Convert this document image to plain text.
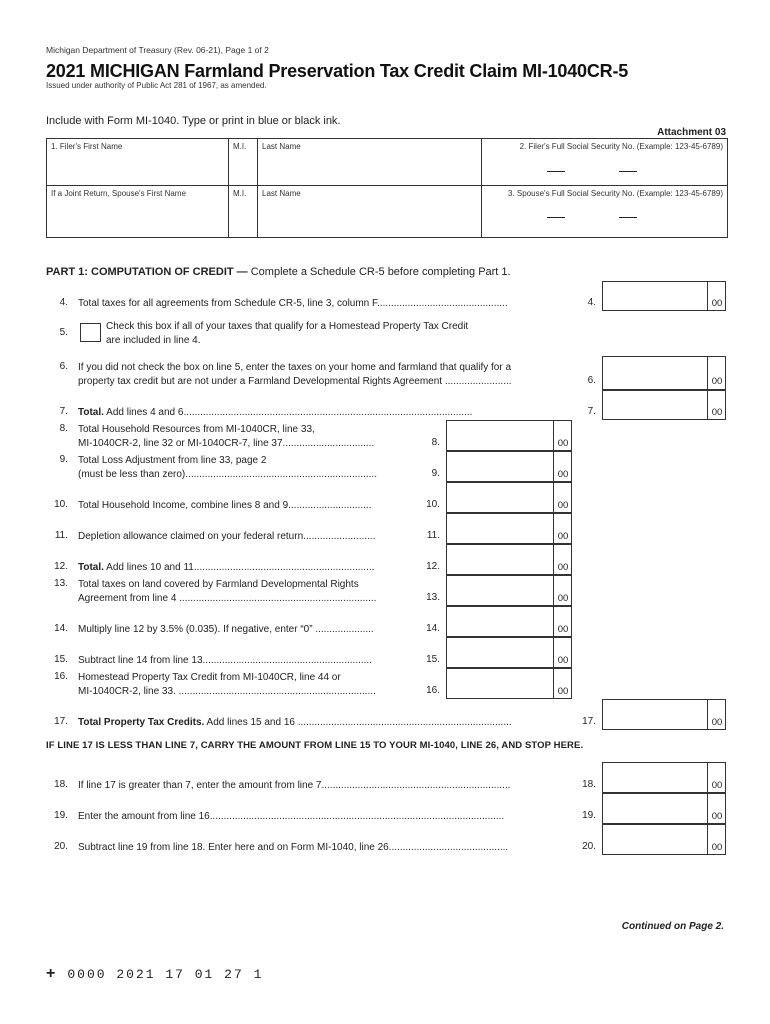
Michigan Department of Treasury (Rev. 06-21), Page 1 of 2
2021 MICHIGAN Farmland Preservation Tax Credit Claim MI-1040CR-5
Issued under authority of Public Act 281 of 1967, as amended.
Include with Form MI-1040. Type or print in blue or black ink.
Attachment 03
1. Filer's First Name	M.I.	Last Name	2. Filer's Full Social Security No. (Example: 123-45-6789)
If a Joint Return, Spouse's First Name	M.I.	Last Name	3. Spouse's Full Social Security No. (Example: 123-45-6789)
PART 1: COMPUTATION OF CREDIT — Complete a Schedule CR-5 before completing Part 1.
4. Total taxes for all agreements from Schedule CR-5, line 3, column F...............................................	4.	00
5.
Check this box if all of your taxes that qualify for a Homestead Property Tax Credit
are included in line 4.
6. If you did not check the box on line 5, enter the taxes on your home and farmland that qualify for a
property tax credit but are not under a Farmland Developmental Rights Agreement ........................	6.	00
7. Total. Add lines 4 and 6........................................................................................................	7.	00
8. Total Household Resources from MI-1040CR, line 33,
MI-1040CR-2, line 32 or MI-1040CR-7, line 37.................................	8.	00
9. Total Loss Adjustment from line 33, page 2
(must be less than zero).....................................................................	9.	00
10. Total Household Income, combine lines 8 and 9..............................	10.	00
11. Depletion allowance claimed on your federal return..........................	11.	00
12. Total. Add lines 10 and 11.................................................................	12.	00
13. Total taxes on land covered by Farmland Developmental Rights
Agreement from line 4 .......................................................................	13.	00
14. Multiply line 12 by 3.5% (0.035). If negative, enter “0” .....................	14.	00
15. Subtract line 14 from line 13.............................................................	15.	00
16. Homestead Property Tax Credit from MI-1040CR, line 44 or
MI-1040CR-2, line 33. .......................................................................	16.	00
17. Total Property Tax Credits. Add lines 15 and 16 .............................................................................	17.	00
IF LINE 17 IS LESS THAN LINE 7, CARRY THE AMOUNT FROM LINE 15 TO YOUR MI-1040, LINE 26, AND STOP HERE.
18. If line 17 is greater than 7, enter the amount from line 7....................................................................	18.	00
19. Enter the amount from line 16..........................................................................................................	19.	00
20. Subtract line 19 from line 18. Enter here and on Form MI-1040, line 26...........................................	20.	00
Continued on Page 2.
+ 0000 2021 17 01 27 1
